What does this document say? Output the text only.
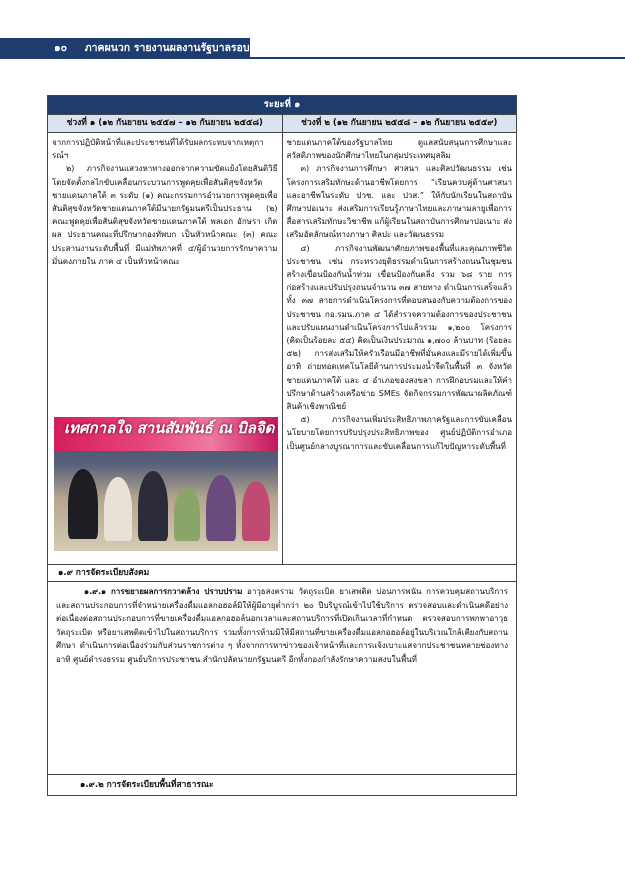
๑๐ ภาคผนวก รายงานผลงานรัฐบาลรอบ ๒ ปี
ระยะที่ ๑
ช่วงที่ ๑ (๑๒ กันยายน ๒๕๕๗ – ๑๒ กันยายน ๒๕๕๘)	ช่วงที่ ๒ (๑๒ กันยายน ๒๕๕๘ – ๑๒ กันยายน ๒๕๕๙)

จากการปฏิบัติหน้าที่และประชาชนที่ได้รับผลกระทบจากเหตุการณ์ฯ

๒) ภารกิจงานแสวงหาทางออกจากความขัดแย้งโดยสันติวิธีโดยจัดตั้งกลไกขับเคลื่อนกระบวนการพูดคุยเพื่อสันติสุขจังหวัดชายแดนภาคใต้ ๓ ระดับ (๑) คณะกรรมการอำนวยการพูดคุยเพื่อสันติสุขจังหวัดชายแดนภาคใต้มีนายกรัฐมนตรีเป็นประธาน (๒) คณะพูดคุยเพื่อสันติสุขจังหวัดชายแดนภาคใต้ พลเอก อักษรา เกิดผล ประธานคณะที่ปรึกษากองทัพบก เป็นหัวหน้าคณะ (๓) คณะประสานงานระดับพื้นที่ มีแม่ทัพภาคที่ ๔/ผู้อำนวยการรักษาความมั่นคงภายใน ภาค ๔ เป็นหัวหน้าคณะ

เทศกาลใจ สานสัมพันธ์ ณ บิลจิด

ชายแดนภาคใต้ของรัฐบาลไทย ดูแลสนับสนุนการศึกษาและสวัสดิภาพของนักศึกษาไทยในกลุ่มประเทศมุสลิม

๓) ภารกิจงานการศึกษา ศาสนา และศิลปวัฒนธรรม เช่น โครงการเสริมทักษะด้านอาชีพโดยการ “เรียนควบคู่ด้านศาสนาและอาชีพในระดับ ปวช. และ ปวส.” ให้กับนักเรียนในสถาบันศึกษาปอเนาะ ส่งเสริมการเรียนรู้ภาษาไทยและภาษามลายูเพื่อการสื่อสารเสริมทักษะวิชาชีพ แก้ผู้เรียนในสถาบันการศึกษาปอเนาะ ส่งเสริมอัตลักษณ์ทางภาษา ศิลปะ และวัฒนธรรม

๔) ภารกิจงานพัฒนาศักยภาพของพื้นที่และคุณภาพชีวิตประชาชน เช่น กระทรวงยุติธรรมดำเนินการสร้างถนนในชุมชน สร้างเขื่อนป้องกันน้ำท่วม เขื่อนป้องกันตลิ่ง รวม ๖๘ ราย การก่อสร้างและปรับปรุงถนนจำนวน ๓๗ สายทาง ดำเนินการเสร็จแล้วทั้ง ๓๗ สายการดำเนินโครงการที่ตอบสนองกับความต้องการของประชาชน กอ.รมน.ภาค ๔ ได้สำรวจความต้องการของประชาชน และปรับแผนงานดำเนินโครงการไปแล้วรวม ๑,๒๐๐ โครงการ (คิดเป็นร้อยละ ๕๔) คิดเป็นเงินประมาณ ๑,๗๐๐ ล้านบาท (ร้อยละ ๕๒) การส่งเสริมให้ครัวเรือนมีอาชีพที่มั่นคงและมีรายได้เพิ่มขึ้น อาทิ ถ่ายทอดเทคโนโลยีด้านการประมงน้ำจืดในพื้นที่ ๓ จังหวัดชายแดนภาคใต้ และ ๔ อำเภอของสงขลา การฝึกอบรมและให้คำปรึกษาด้านสร้างเครือข่าย SMEs จัดกิจกรรมการพัฒนาผลิตภัณฑ์สินค้าเชิงพาณิชย์

๕) ภารกิจงานเพิ่มประสิทธิภาพภาครัฐและการขับเคลื่อนนโยบายโดยการปรับปรุงประสิทธิภาพของ ศูนย์ปฏิบัติการอำเภอเป็นศูนย์กลางบูรณาการและขับเคลื่อนการแก้ไขปัญหาระดับพื้นที่

๑.๙ การจัดระเบียบสังคม

๑.๙.๑ การขยายผลการกวาดล้าง ปราบปราม อาวุธสงคราม วัตถุระเบิด ยาเสพติด บ่อนการพนัน การควบคุมสถานบริการ และสถานประกอบการที่จำหน่ายเครื่องดื่มแอลกอฮอล์มิให้ผู้มีอายุต่ำกว่า ๒๐ ปีบริบูรณ์เข้าไปใช้บริการ ตรวจสอบและดำเนินคดีอย่างต่อเนื่องต่อสถานประกอบการที่ขายเครื่องดื่มแอลกอฮอล์นอกเวลาและสถานบริการที่เปิดเกินเวลาที่กำหนด ตรวจสอบการพกพาอาวุธ วัตถุระเบิด หรือยาเสพติดเข้าไปในสถานบริการ รวมทั้งการห้ามมิให้มีสถานที่ขายเครื่องดื่มแอลกอฮอล์อยู่ในบริเวณใกล้เคียงกับสถานศึกษา ดำเนินการต่อเนื่องร่วมกับส่วนราชการต่าง ๆ ทั้งจากการหาข่าวของเจ้าหน้าที่และการแจ้งเบาะแสจากประชาชนหลายช่องทาง อาทิ ศูนย์ดำรงธรรม ศูนย์บริการประชาชน สำนักปลัดนายกรัฐมนตรี อีกทั้งกองกำลังรักษาความสงบในพื้นที่

๑.๙.๒ การจัดระเบียบพื้นที่สาธารณะ
